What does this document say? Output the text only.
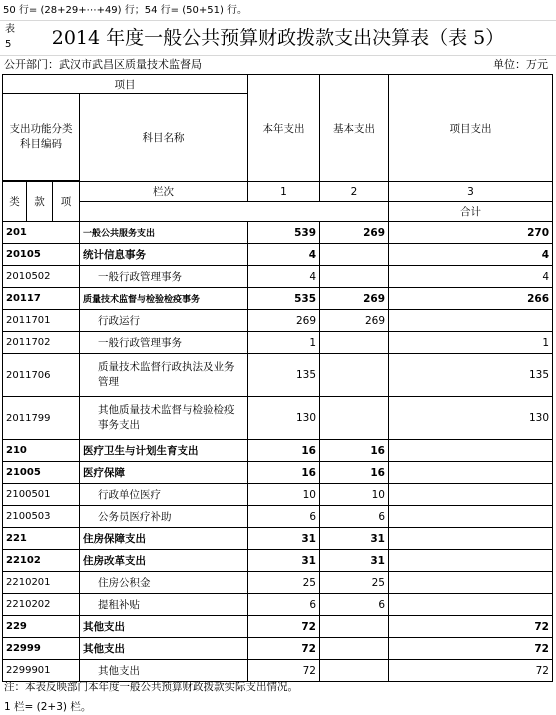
50 行= (28+29+⋯+49) 行；54 行= (50+51) 行。
表 5	2014 年度一般公共预算财政拨款支出决算表（表 5）
公开部门：武汉市武昌区质量技术监督局	单位：万元
项目				本年支出	基本支出	项目支出	
支出功能分类科目编码			科目名称				

类	款	项	栏次	1	2	3	
						合计			
201			一般公共服务支出	539	269	270	
20105			统计信息事务	4		4	
2010502			一般行政管理事务	4		4	
20117			质量技术监督与检验检疫事务	535	269	266	
2011701			行政运行	269	269		
2011702			一般行政管理事务	1		1	
2011706			质量技术监督行政执法及业务管理	135		135	
2011799			其他质量技术监督与检验检疫事务支出	130		130	
210			医疗卫生与计划生育支出	16	16		
21005			医疗保障	16	16		
2100501			行政单位医疗	10	10		
2100503			公务员医疗补助	6	6		
221			住房保障支出	31	31		
22102			住房改革支出	31	31		
2210201			住房公积金	25	25		
2210202			提租补贴	6	6		
229			其他支出	72		72	
22999			其他支出	72		72	
2299901			其他支出	72		72	
注：本表反映部门本年度一般公共预算财政拨款实际支出情况。
1 栏= (2+3) 栏。
